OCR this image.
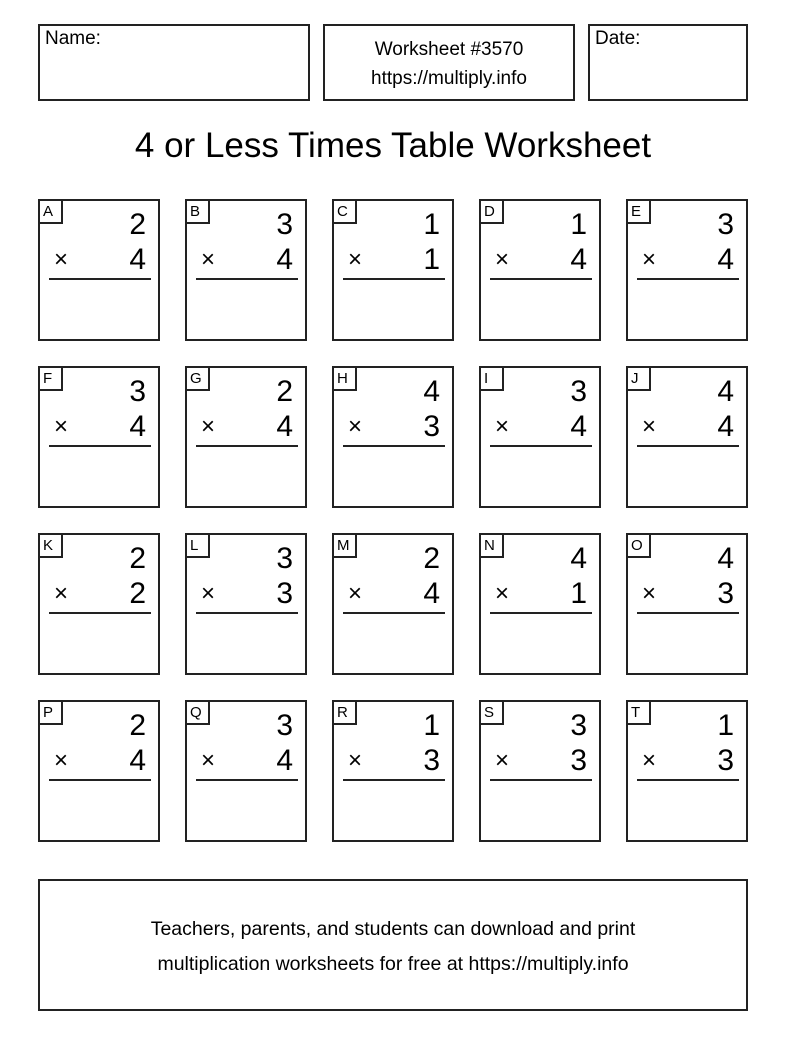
Name:
Worksheet #3570
https://multiply.info
Date:
4 or Less Times Table Worksheet
A	2
× 4
B	3
× 4
C	1
× 1
D	1
× 4
E	3
× 4
F	3
× 4
G 2
× 4
H	4
× 3
I	3
× 4
J	4
× 4
K	2
× 2
L	3
× 3
M 2
× 4
N	4
× 1
O 4
× 3
P	2
× 4
Q 3
× 4
R	1
× 3
S	3
× 3
T	1
× 3
Teachers, parents, and students can download and print
multiplication worksheets for free at https://multiply.info
